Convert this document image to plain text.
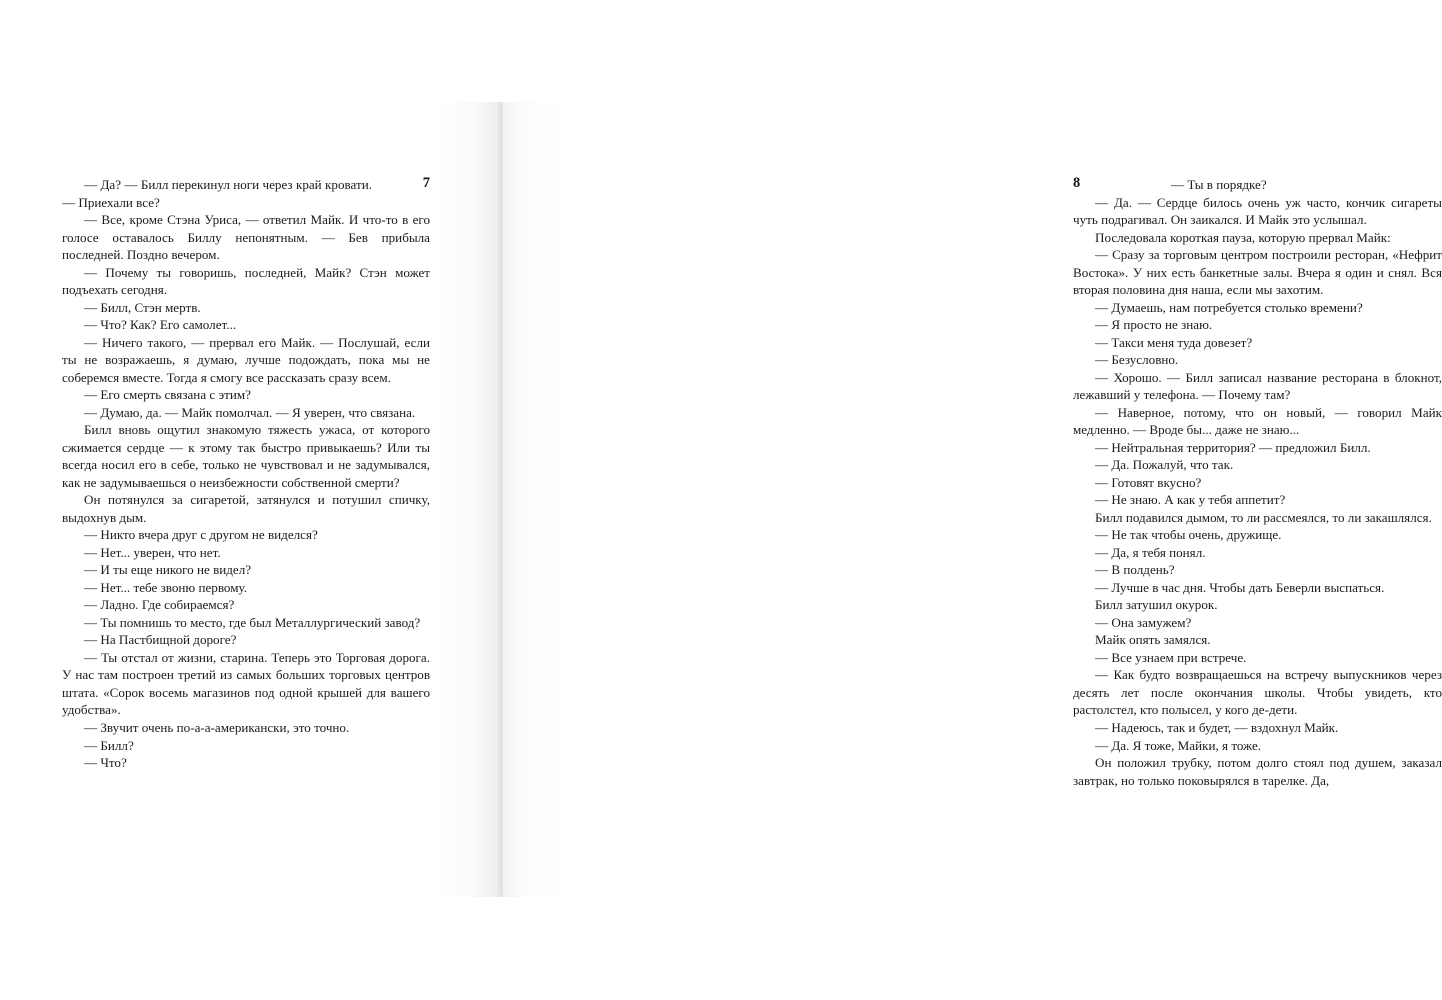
7

— Да? — Билл перекинул ноги через край кровати. — Приехали все?

— Все, кроме Стэна Уриса, — ответил Майк. И что-то в его голосе оставалось Биллу непонятным. — Бев прибыла последней. Поздно вечером.

— Почему ты говоришь, последней, Майк? Стэн может подъехать сегодня.

— Билл, Стэн мертв.

— Что? Как? Его самолет...

— Ничего такого, — прервал его Майк. — Послушай, если ты не возражаешь, я думаю, лучше подождать, пока мы не соберемся вместе. Тогда я смогу все рассказать сразу всем.

— Его смерть связана с этим?

— Думаю, да. — Майк помолчал. — Я уверен, что связана.

Билл вновь ощутил знакомую тяжесть ужаса, от которого сжимается сердце — к этому так быстро привыкаешь? Или ты всегда носил его в себе, только не чувствовал и не задумывался, как не задумываешься о неизбежности собственной смерти?

Он потянулся за сигаретой, затянулся и потушил спичку, выдохнув дым.

— Никто вчера друг с другом не виделся?

— Нет... уверен, что нет.

— И ты еще никого не видел?

— Нет... тебе звоню первому.

— Ладно. Где собираемся?

— Ты помнишь то место, где был Металлургический завод?

— На Пастбищной дороге?

— Ты отстал от жизни, старина. Теперь это Торговая дорога. У нас там построен третий из самых больших торговых центров штата. «Сорок восемь магазинов под одной крышей для вашего удобства».

— Звучит очень по-а-а-американски, это точно.

— Билл?

— Что?

8	— Ты в порядке?

— Да. — Сердце билось очень уж часто, кончик сигареты чуть подрагивал. Он заикался. И Майк это услышал.

Последовала короткая пауза, которую прервал Майк:

— Сразу за торговым центром построили ресторан, «Нефрит Востока». У них есть банкетные залы. Вчера я один и снял. Вся вторая половина дня наша, если мы захотим.

— Думаешь, нам потребуется столько времени?

— Я просто не знаю.

— Такси меня туда довезет?

— Безусловно.

— Хорошо. — Билл записал название ресторана в блокнот, лежавший у телефона. — Почему там?

— Наверное, потому, что он новый, — говорил Майк медленно. — Вроде бы... даже не знаю...

— Нейтральная территория? — предложил Билл.

— Да. Пожалуй, что так.

— Готовят вкусно?

— Не знаю. А как у тебя аппетит?

Билл подавился дымом, то ли рассмеялся, то ли закашлялся.

— Не так чтобы очень, дружище.

— Да, я тебя понял.

— В полдень?

— Лучше в час дня. Чтобы дать Беверли выспаться.

Билл затушил окурок.

— Она замужем?

Майк опять замялся.

— Все узнаем при встрече.

— Как будто возвращаешься на встречу выпускников через десять лет после окончания школы. Чтобы увидеть, кто растолстел, кто полысел, у кого де-дети.

— Надеюсь, так и будет, — вздохнул Майк.

— Да. Я тоже, Майки, я тоже.

Он положил трубку, потом долго стоял под душем, заказал завтрак, но только поковырялся в тарелке. Да,
